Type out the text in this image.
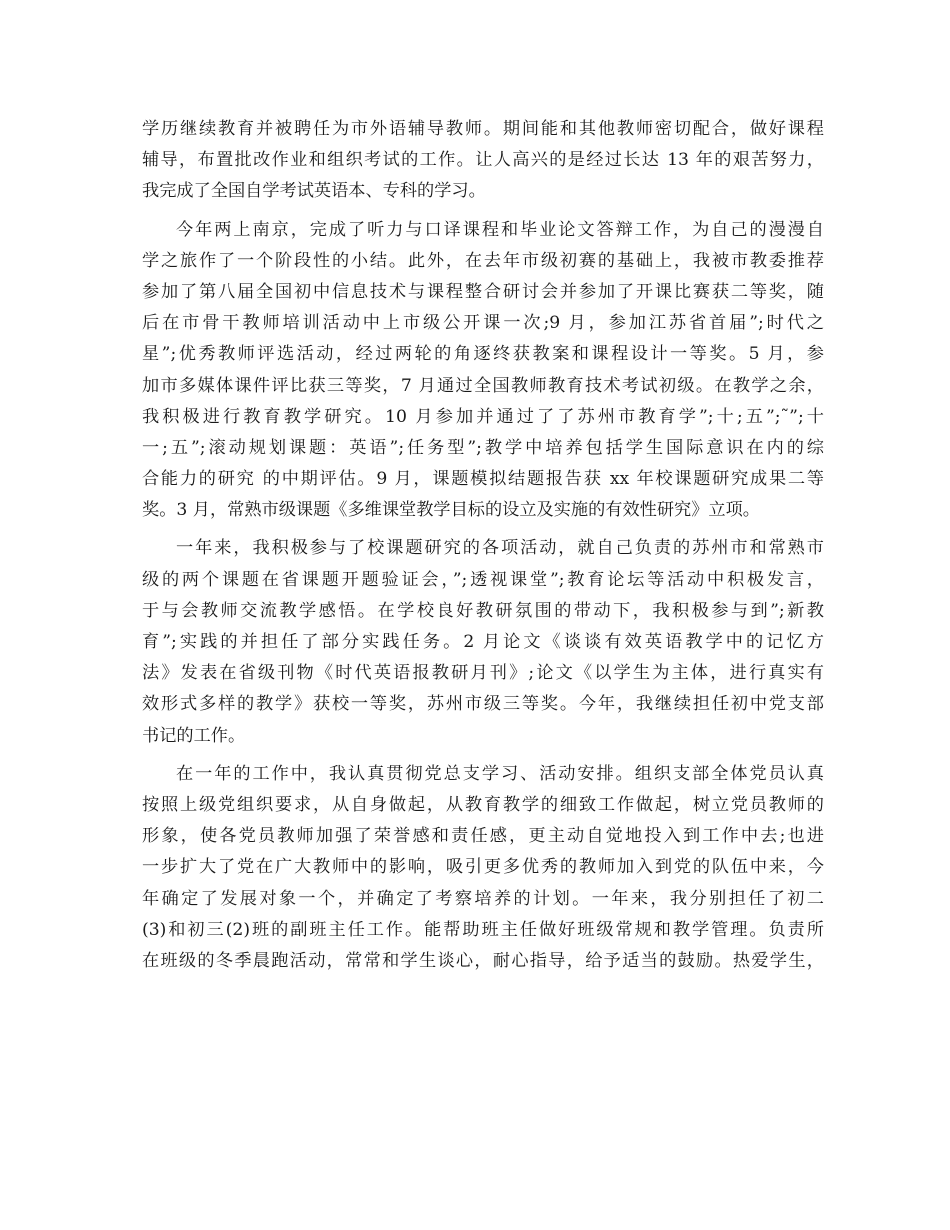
学历继续教育并被聘任为市外语辅导教师。期间能和其他教师密切配合，做好课程
辅导，布置批改作业和组织考试的工作。让人高兴的是经过长达 13 年的艰苦努力，
我完成了全国自学考试英语本、专科的学习。
今年两上南京，完成了听力与口译课程和毕业论文答辩工作，为自己的漫漫自
学之旅作了一个阶段性的小结。此外，在去年市级初赛的基础上，我被市教委推荐
参加了第八届全国初中信息技术与课程整合研讨会并参加了开课比赛获二等奖，随
后在市骨干教师培训活动中上市级公开课一次;9 月，参加江苏省首届”;时代之
星”;优秀教师评选活动，经过两轮的角逐终获教案和课程设计一等奖。5 月，参
加市多媒体课件评比获三等奖，7 月通过全国教师教育技术考试初级。在教学之余，
我积极进行教育教学研究。10 月参加并通过了了苏州市教育学”;十;五”;˜”;十
一;五”;滚动规划课题：英语”;任务型”;教学中培养包括学生国际意识在内的综
合能力的研究 的中期评估。9 月，课题模拟结题报告获 xx 年校课题研究成果二等
奖。3 月，常熟市级课题《多维课堂教学目标的设立及实施的有效性研究》立项。
一年来，我积极参与了校课题研究的各项活动，就自己负责的苏州市和常熟市
级的两个课题在省课题开题验证会，”;透视课堂”;教育论坛等活动中积极发言，
于与会教师交流教学感悟。在学校良好教研氛围的带动下，我积极参与到”;新教
育”;实践的并担任了部分实践任务。2 月论文《谈谈有效英语教学中的记忆方
法》发表在省级刊物《时代英语报教研月刊》;论文《以学生为主体，进行真实有
效形式多样的教学》获校一等奖，苏州市级三等奖。今年，我继续担任初中党支部
书记的工作。
在一年的工作中，我认真贯彻党总支学习、活动安排。组织支部全体党员认真
按照上级党组织要求，从自身做起，从教育教学的细致工作做起，树立党员教师的
形象，使各党员教师加强了荣誉感和责任感，更主动自觉地投入到工作中去;也进
一步扩大了党在广大教师中的影响，吸引更多优秀的教师加入到党的队伍中来，今
年确定了发展对象一个，并确定了考察培养的计划。一年来，我分别担任了初二
(3)和初三(2)班的副班主任工作。能帮助班主任做好班级常规和教学管理。负责所
在班级的冬季晨跑活动，常常和学生谈心，耐心指导，给予适当的鼓励。热爱学生，
